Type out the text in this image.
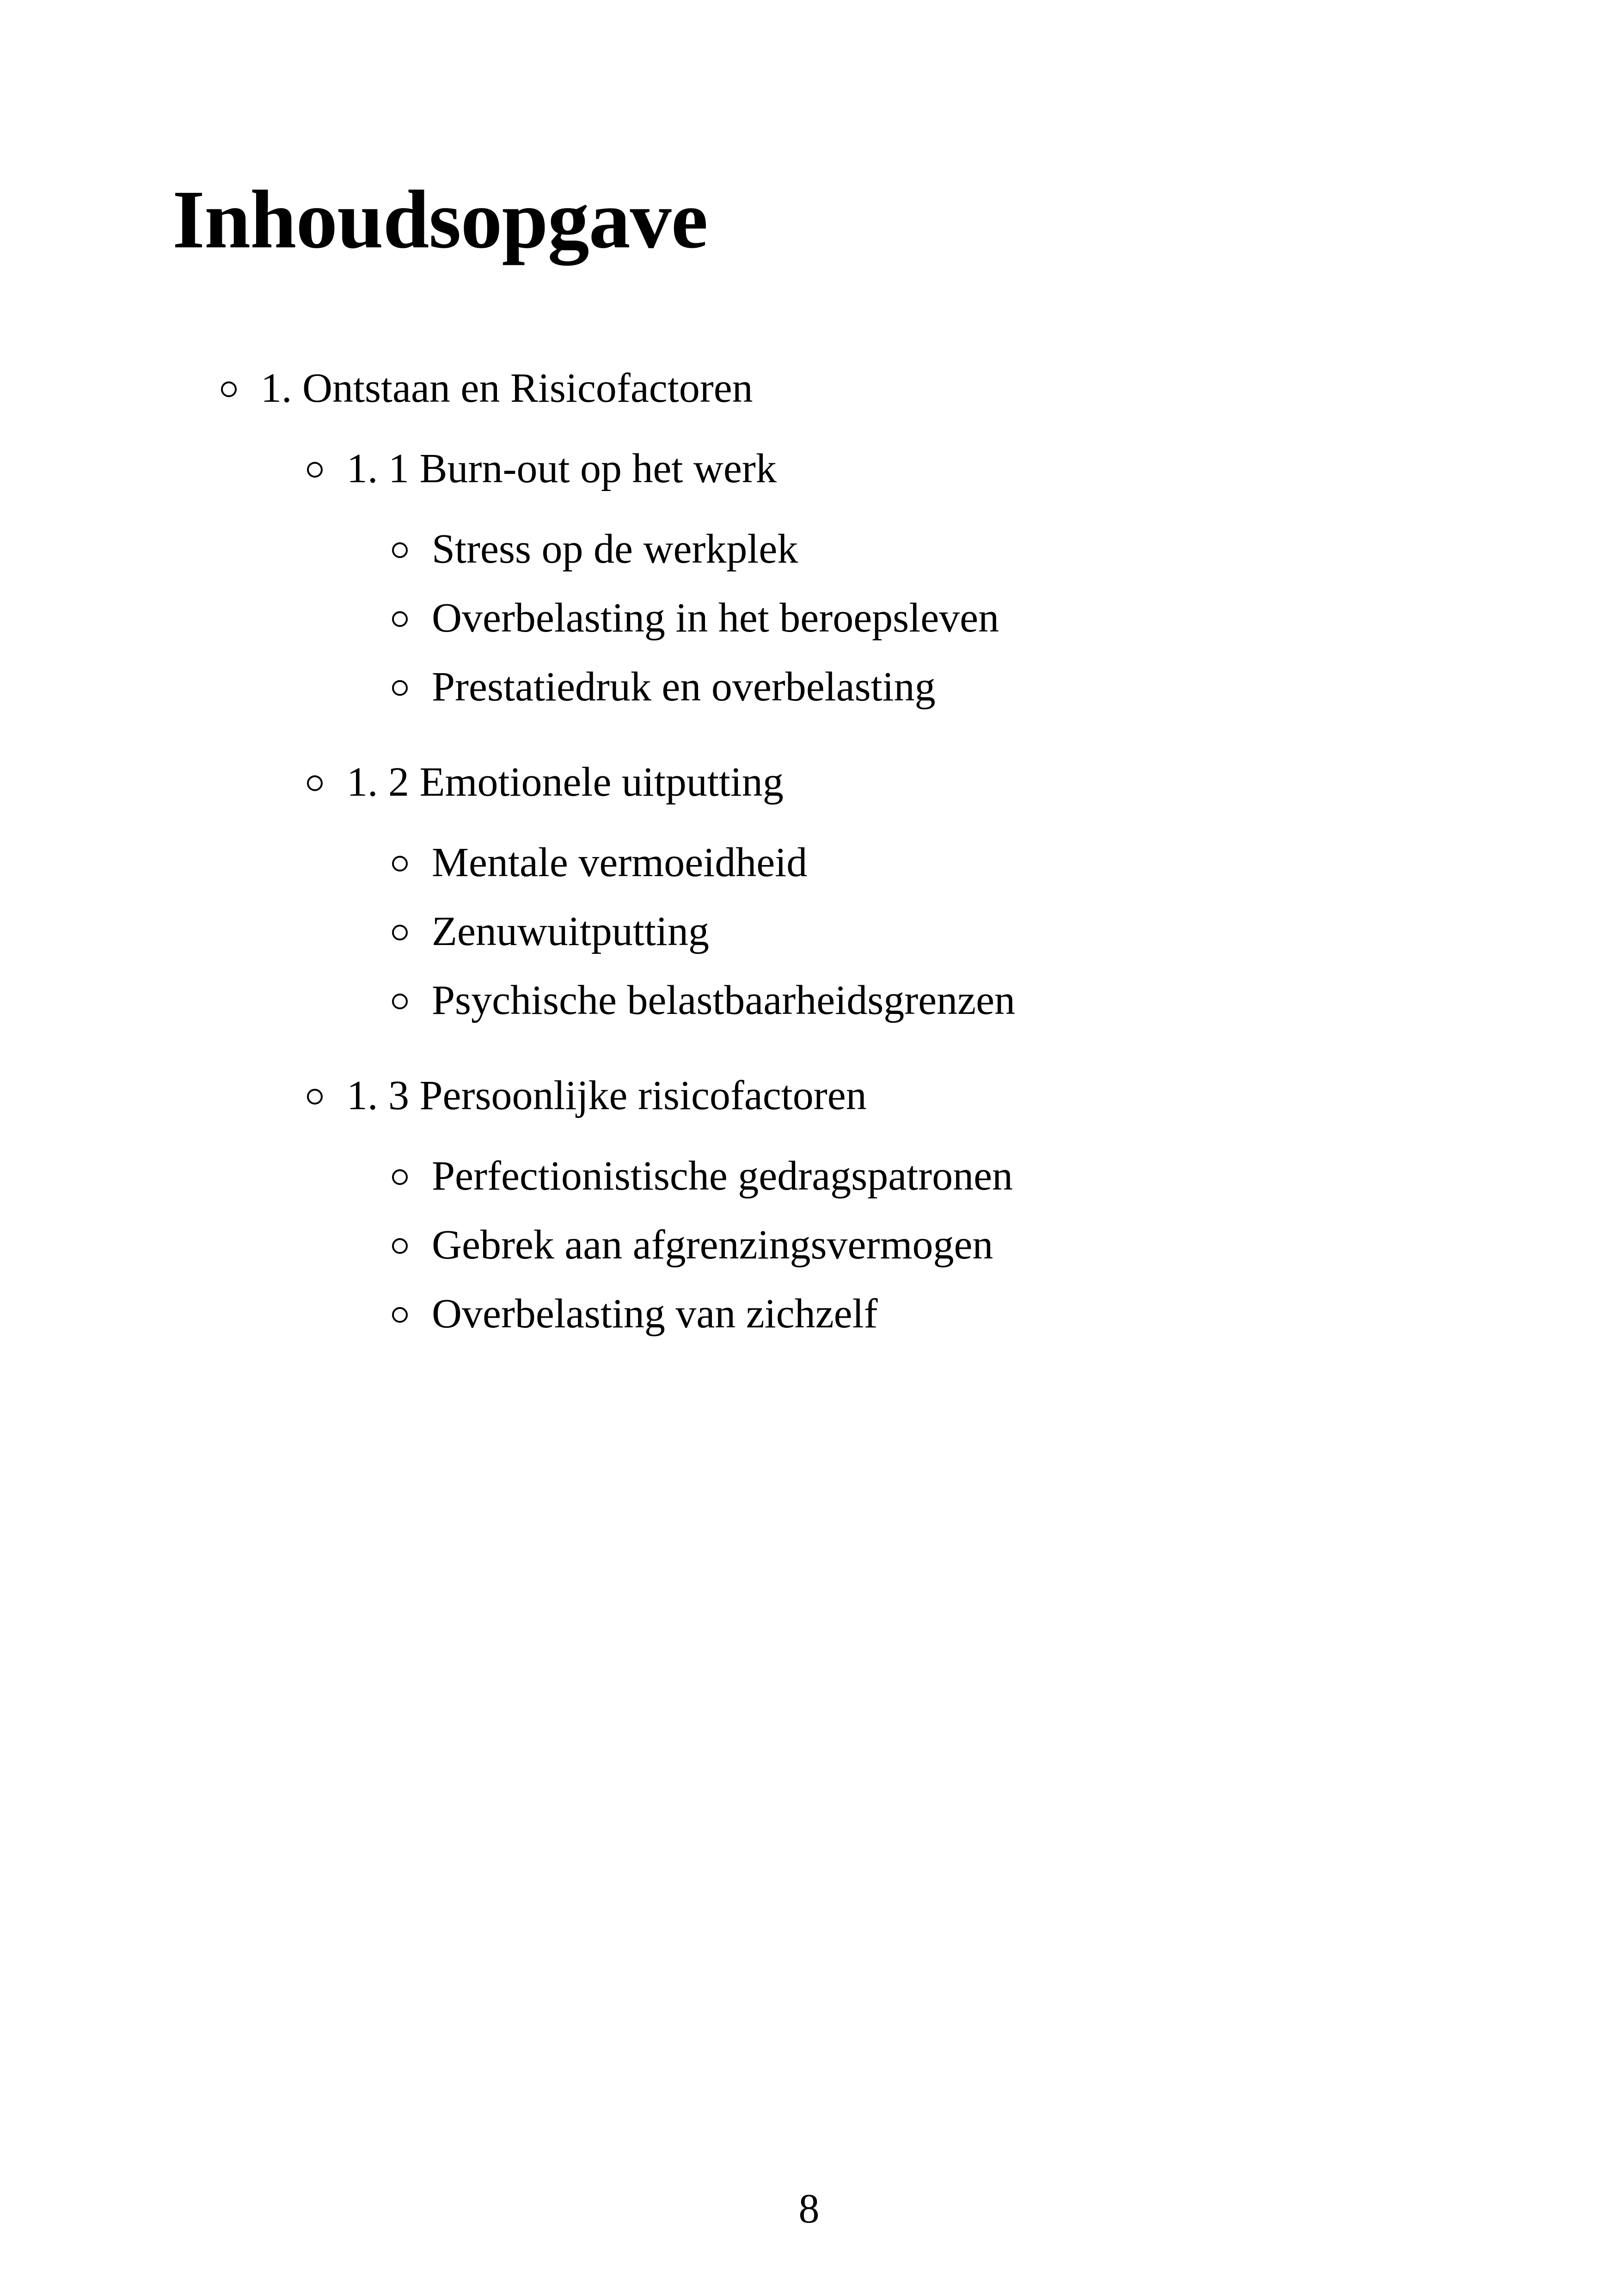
Inhoudsopgave
1. Ontstaan en Risicofactoren
1. 1 Burn-out op het werk
Stress op de werkplek
Overbelasting in het beroepsleven
Prestatiedruk en overbelasting
1. 2 Emotionele uitputting
Mentale vermoeidheid
Zenuwuitputting
Psychische belastbaarheidsgrenzen
1. 3 Persoonlijke risicofactoren
Perfectionistische gedragspatronen
Gebrek aan afgrenzingsvermogen
Overbelasting van zichzelf
8
